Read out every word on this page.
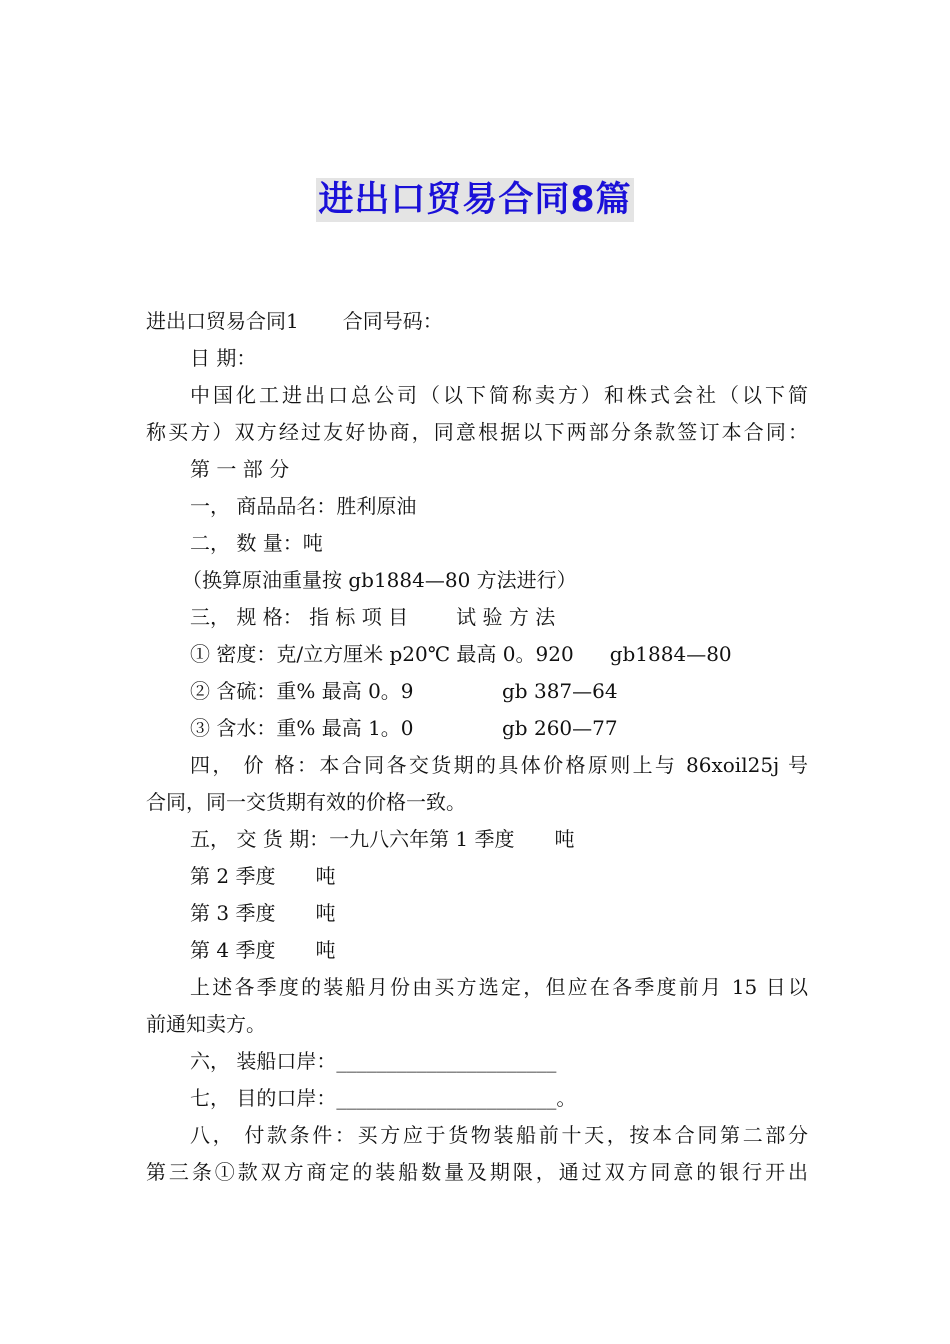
进出口贸易合同8篇
进出口贸易合同1 合同号码：
日 期：
中国化工进出口总公司（以下简称卖方）和株式会社（以下简
称买方）双方经过友好协商，同意根据以下两部分条款签订本合同：
第 一 部 分
一， 商品品名：胜利原油
二， 数 量：吨
（换算原油重量按 gb1884—80 方法进行）
三， 规 格： 指 标 项 目 试 验 方 法
① 密度：克/立方厘米 p20℃ 最高 0。920 gb1884—80
② 含硫：重% 最高 0。9	gb 387—64
③ 含水：重% 最高 1。0	gb 260—77
四， 价 格：本合同各交货期的具体价格原则上与 86xoil25j 号
合同，同一交货期有效的价格一致。
五， 交 货 期：一九八六年第 1 季度 吨
第 2 季度 吨
第 3 季度 吨
第 4 季度 吨
上述各季度的装船月份由买方选定，但应在各季度前月 15 日以
前通知卖方。
六， 装船口岸：______________________
七， 目的口岸：______________________。
八， 付款条件：买方应于货物装船前十天，按本合同第二部分
第三条①款双方商定的装船数量及期限，通过双方同意的银行开出
